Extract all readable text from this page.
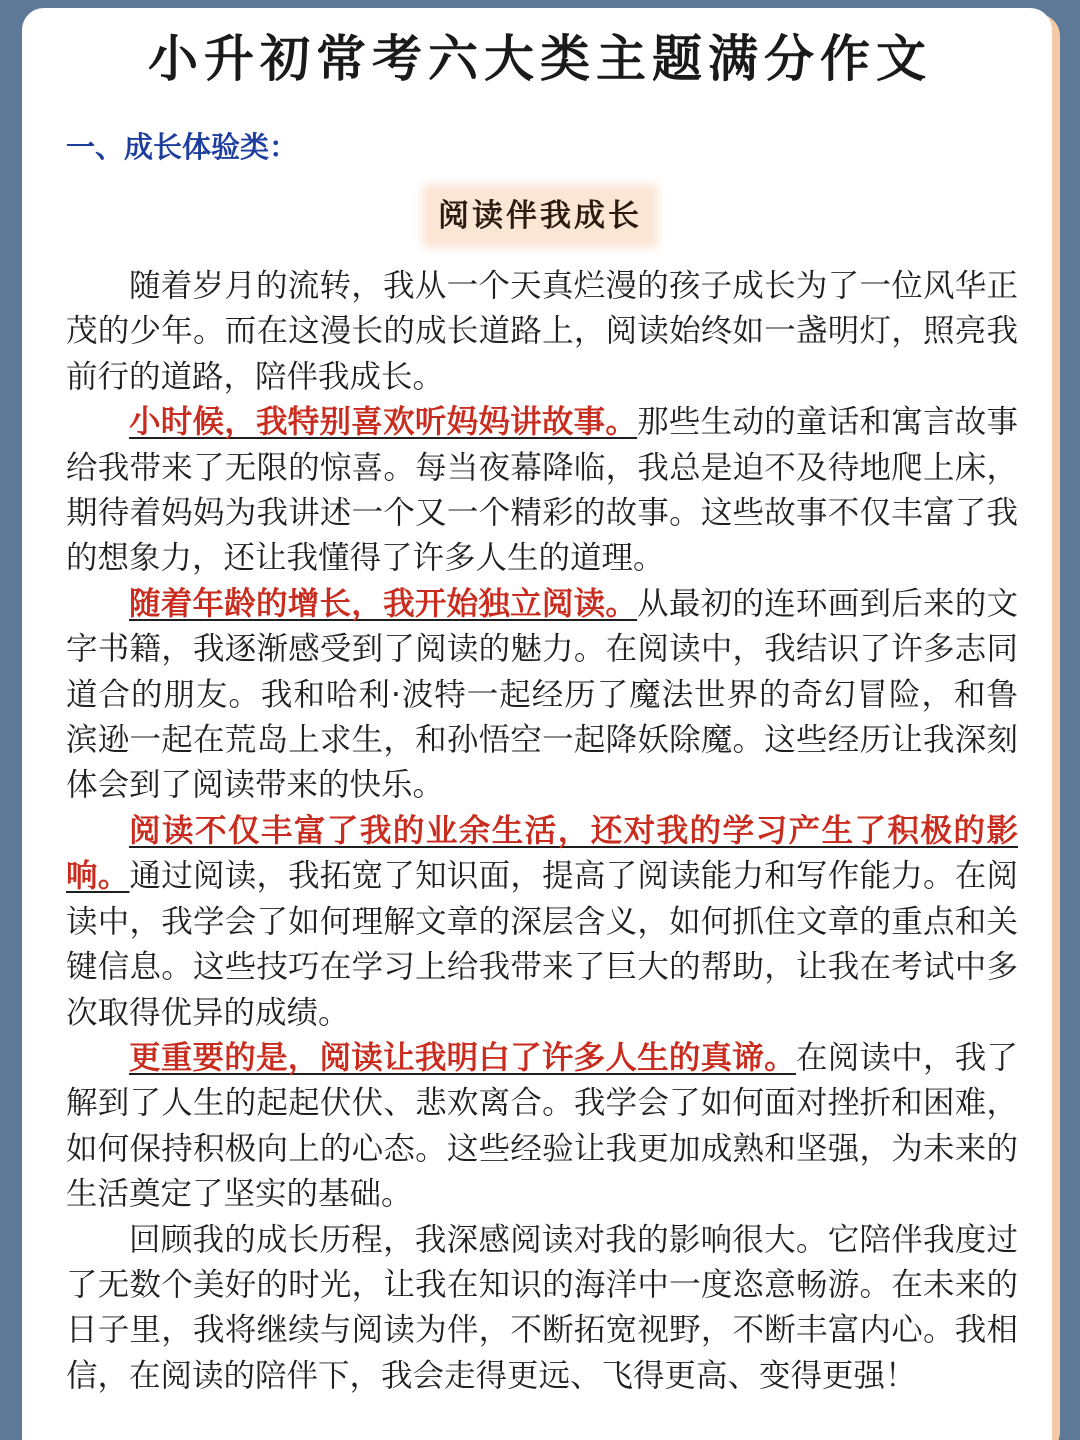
小升初常考六大类主题满分作文
一、成长体验类：
阅读伴我成长

随着岁月的流转，我从一个天真烂漫的孩子成长为了一位风华正茂的少年。而在这漫长的成长道路上，阅读始终如一盏明灯，照亮我前行的道路，陪伴我成长。

小时候，我特别喜欢听妈妈讲故事。那些生动的童话和寓言故事给我带来了无限的惊喜。每当夜幕降临，我总是迫不及待地爬上床，期待着妈妈为我讲述一个又一个精彩的故事。这些故事不仅丰富了我的想象力，还让我懂得了许多人生的道理。

随着年龄的增长，我开始独立阅读。从最初的连环画到后来的文字书籍，我逐渐感受到了阅读的魅力。在阅读中，我结识了许多志同道合的朋友。我和哈利·波特一起经历了魔法世界的奇幻冒险，和鲁滨逊一起在荒岛上求生，和孙悟空一起降妖除魔。这些经历让我深刻体会到了阅读带来的快乐。

阅读不仅丰富了我的业余生活，还对我的学习产生了积极的影响。通过阅读，我拓宽了知识面，提高了阅读能力和写作能力。在阅读中，我学会了如何理解文章的深层含义，如何抓住文章的重点和关键信息。这些技巧在学习上给我带来了巨大的帮助，让我在考试中多次取得优异的成绩。

更重要的是，阅读让我明白了许多人生的真谛。在阅读中，我了解到了人生的起起伏伏、悲欢离合。我学会了如何面对挫折和困难，如何保持积极向上的心态。这些经验让我更加成熟和坚强，为未来的生活奠定了坚实的基础。

回顾我的成长历程，我深感阅读对我的影响很大。它陪伴我度过了无数个美好的时光，让我在知识的海洋中一度恣意畅游。在未来的日子里，我将继续与阅读为伴，不断拓宽视野，不断丰富内心。我相信，在阅读的陪伴下，我会走得更远、飞得更高、变得更强！
